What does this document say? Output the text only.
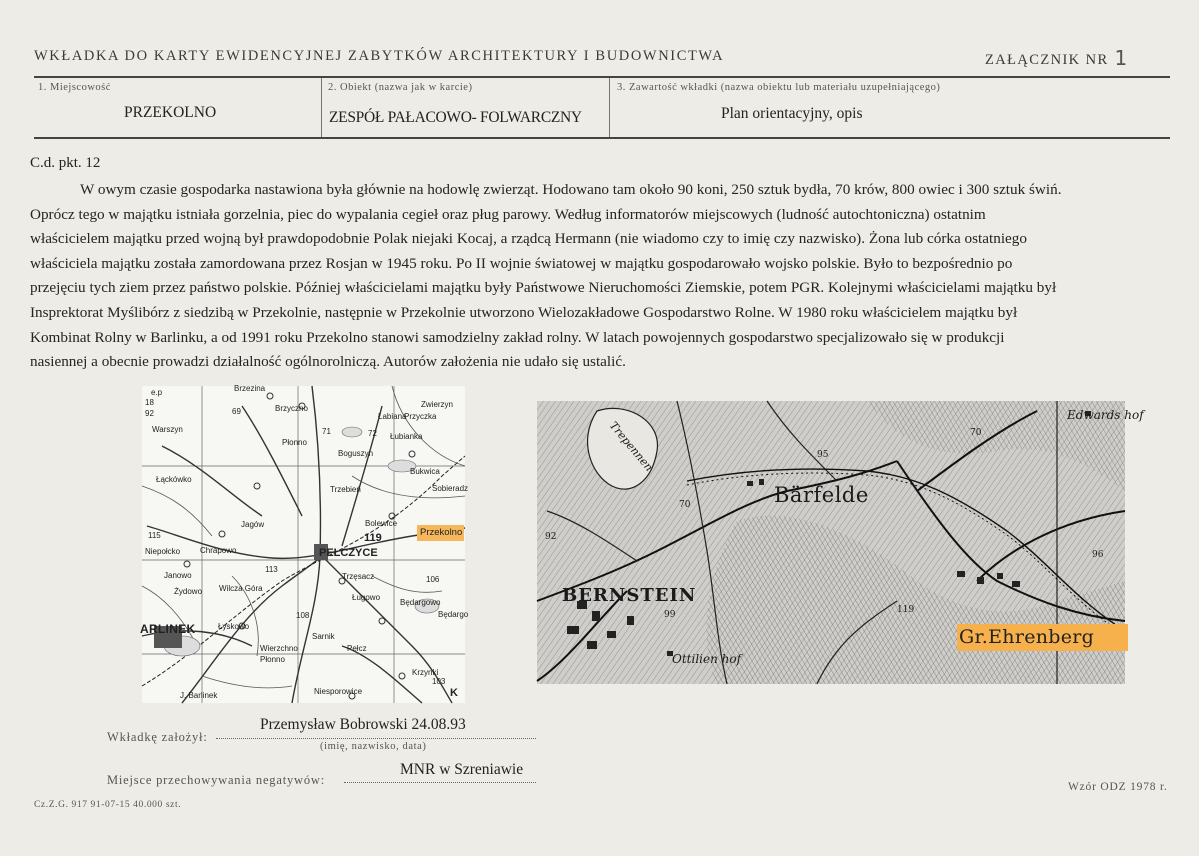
WKŁADKA DO KARTY EWIDENCYJNEJ ZABYTKÓW ARCHITEKTURY I BUDOWNICTWA	ZAŁĄCZNIK NR 1
1. Miejscowość
PRZEKOLNO
2. Obiekt (nazwa jak w karcie)
ZESPÓŁ PAŁACOWO- FOLWARCZNY
3. Zawartość wkładki (nazwa obiektu lub materiału uzupełniającego)
Plan orientacyjny, opis
C.d. pkt. 12
W owym czasie gospodarka nastawiona była głównie na hodowlę zwierząt. Hodowano tam około 90 koni, 250 sztuk bydła, 70 krów, 800 owiec i 300 sztuk świń.
Oprócz tego w majątku istniała gorzelnia, piec do wypalania cegieł oraz pług parowy. Według informatorów miejscowych (ludność autochtoniczna) ostatnim
właścicielem majątku przed wojną był prawdopodobnie Polak niejaki Kocaj, a rządcą Hermann (nie wiadomo czy to imię czy nazwisko). Żona lub córka ostatniego
właściciela majątku została zamordowana przez Rosjan w 1945 roku. Po II wojnie światowej w majątku gospodarowało wojsko polskie. Było to bezpośrednio po
przejęciu tych ziem przez państwo polskie. Później właścicielami majątku były Państwowe Nieruchomości Ziemskie, potem PGR. Kolejnymi właścicielami majątku był
Insprektorat Myślibórz z siedzibą w Przekolnie, następnie w Przekolnie utworzono Wielozakładowe Gospodarstwo Rolne. W 1980 roku właścicielem majątku był
Kombinat Rolny w Barlinku, a od 1991 roku Przekolno stanowi samodzielny zakład rolny. W latach powojennych gospodarstwo specjalizowało się w produkcji
nasiennej a obecnie prowadzi działalność ogólnorolniczą. Autorów założenia nie udało się ustalić.
Brzezina
Brzyczno	Zwierzyn
Łabiana
Przyczka
Łubianka
Warszyn
Płonno
Boguszyn
Bukwica
Łąckówko
Sobieradz
Jagów
Trzebień
Bolewice
PEŁCZYCE
Chrapowo
Niepołcko
Janowo
Żydowo Wilcza Góra
Trzęsacz
Ługowo
Będargowo
Będargo
Łyskowo
Wierzchno
Sarnik
Pełcz
Płonno
Krzynki
Niesporowice
ARLINEK
J. Barlinek
69
119
113
115
106
108
103
71	72
92
18
e.p
K
Przekolno
Bärfelde
BERNSTEIN
Ottilien hof
Edwards hof
Trepennen	70
95
119
99
96
92
70
Gr.Ehrenberg
Wkładkę założył:
Przemysław Bobrowski 24.08.93
(imię, nazwisko, data)
Miejsce przechowywania negatywów:
MNR w Szreniawie
Cz.Z.G. 917 91-07-15 40.000 szt.
Wzór ODZ 1978 r.
